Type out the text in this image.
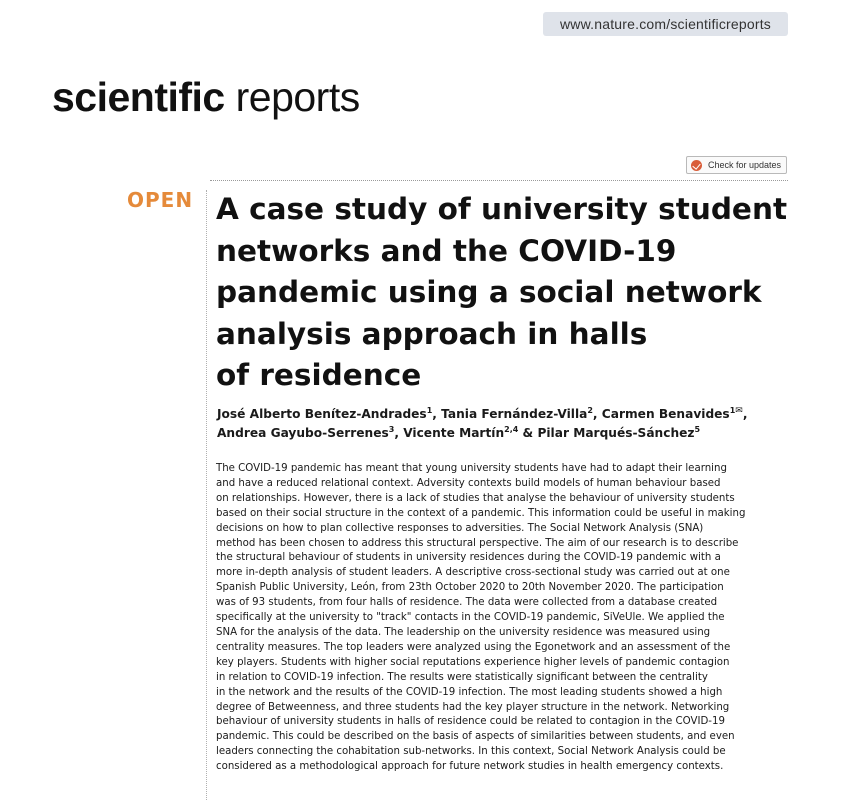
www.nature.com/scientificreports
scientific reports
Check for updates
OPEN A case study of university student
networks and the COVID-19
pandemic using a social network
analysis approach in halls
of residence
José Alberto Benítez-Andrades$^1$, Tania Fernández-Villa$^2$, Carmen Benavides$^{1✉}$,
Andrea Gayubo-Serrenes$^3$, Vicente Martín$^{2,4}$ & Pilar Marqués-Sánchez$^5$
The COVID-19 pandemic has meant that young university students have had to adapt their learning
and have a reduced relational context. Adversity contexts build models of human behaviour based
on relationships. However, there is a lack of studies that analyse the behaviour of university students
based on their social structure in the context of a pandemic. This information could be useful in making
decisions on how to plan collective responses to adversities. The Social Network Analysis (SNA)
method has been chosen to address this structural perspective. The aim of our research is to describe
the structural behaviour of students in university residences during the COVID-19 pandemic with a
more in-depth analysis of student leaders. A descriptive cross-sectional study was carried out at one
Spanish Public University, León, from 23th October 2020 to 20th November 2020. The participation
was of 93 students, from four halls of residence. The data were collected from a database created
specifically at the university to "track" contacts in the COVID-19 pandemic, SiVeUle. We applied the
SNA for the analysis of the data. The leadership on the university residence was measured using
centrality measures. The top leaders were analyzed using the Egonetwork and an assessment of the
key players. Students with higher social reputations experience higher levels of pandemic contagion
in relation to COVID-19 infection. The results were statistically significant between the centrality
in the network and the results of the COVID-19 infection. The most leading students showed a high
degree of Betweenness, and three students had the key player structure in the network. Networking
behaviour of university students in halls of residence could be related to contagion in the COVID-19
pandemic. This could be described on the basis of aspects of similarities between students, and even
leaders connecting the cohabitation sub-networks. In this context, Social Network Analysis could be
considered as a methodological approach for future network studies in health emergency contexts.
